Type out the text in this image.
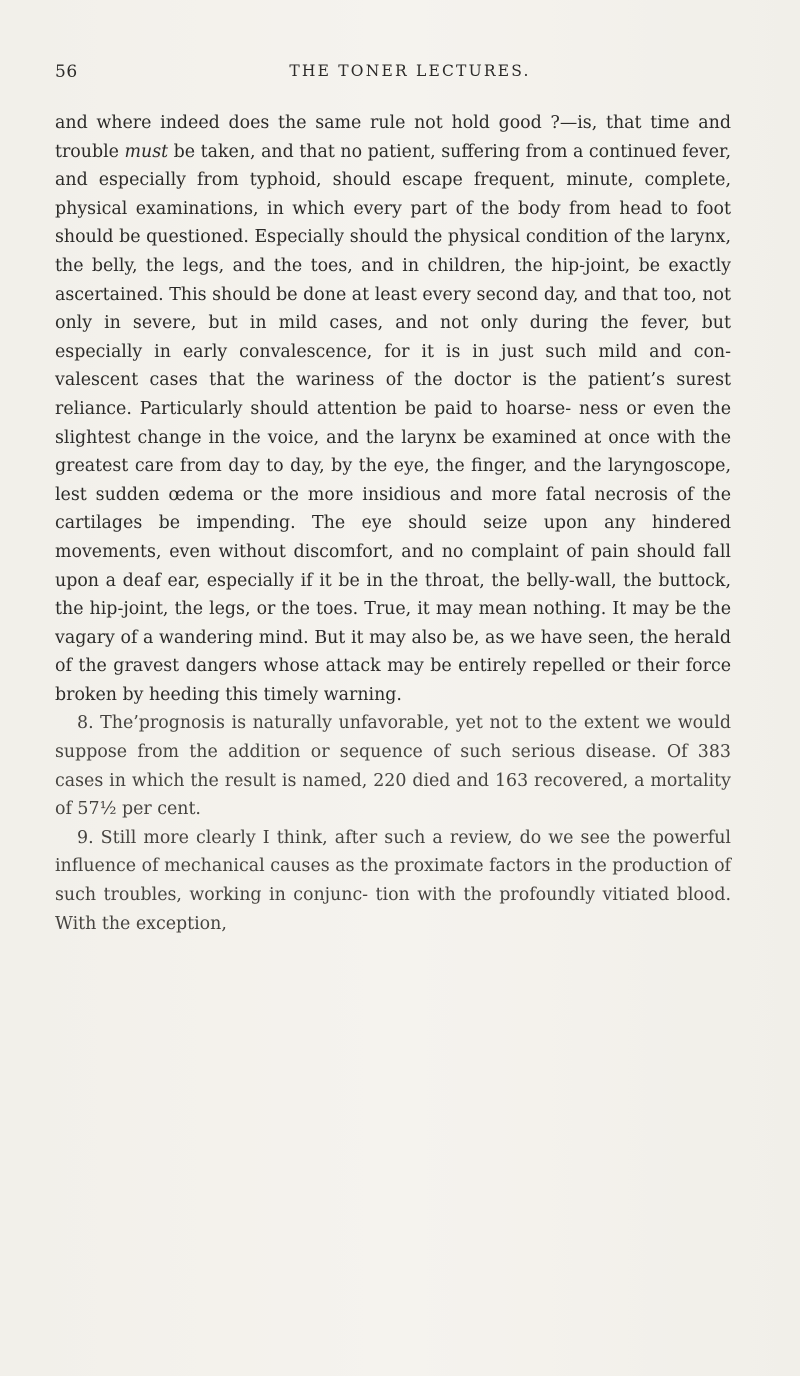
56	THE TONER LECTURES.

and where indeed does the same rule not hold good ?—is, that time and trouble must be taken, and that no patient, suffering from a continued fever, and especially from typhoid, should escape frequent, minute, complete, physical examinations, in which every part of the body from head to foot should be questioned. Especially should the physical condition of the larynx, the belly, the legs, and the toes, and in children, the hip-joint, be exactly ascertained. This should be done at least every second day, and that too, not only in severe, but in mild cases, and not only during the fever, but especially in early convalescence, for it is in just such mild and con- valescent cases that the wariness of the doctor is the patient’s surest reliance. Particularly should attention be paid to hoarse- ness or even the slightest change in the voice, and the larynx be examined at once with the greatest care from day to day, by the eye, the finger, and the laryngoscope, lest sudden œdema or the more insidious and more fatal necrosis of the cartilages be impending. The eye should seize upon any hindered movements, even without discomfort, and no complaint of pain should fall upon a deaf ear, especially if it be in the throat, the belly-wall, the buttock, the hip-joint, the legs, or the toes. True, it may mean nothing. It may be the vagary of a wandering mind. But it may also be, as we have seen, the herald of the gravest dangers whose attack may be entirely repelled or their force broken by heeding this timely warning.

8. The’prognosis is naturally unfavorable, yet not to the extent we would suppose from the addition or sequence of such serious disease. Of 383 cases in which the result is named, 220 died and 163 recovered, a mortality of 57½ per cent.

9. Still more clearly I think, after such a review, do we see the powerful influence of mechanical causes as the proximate factors in the production of such troubles, working in conjunc- tion with the profoundly vitiated blood. With the exception,
